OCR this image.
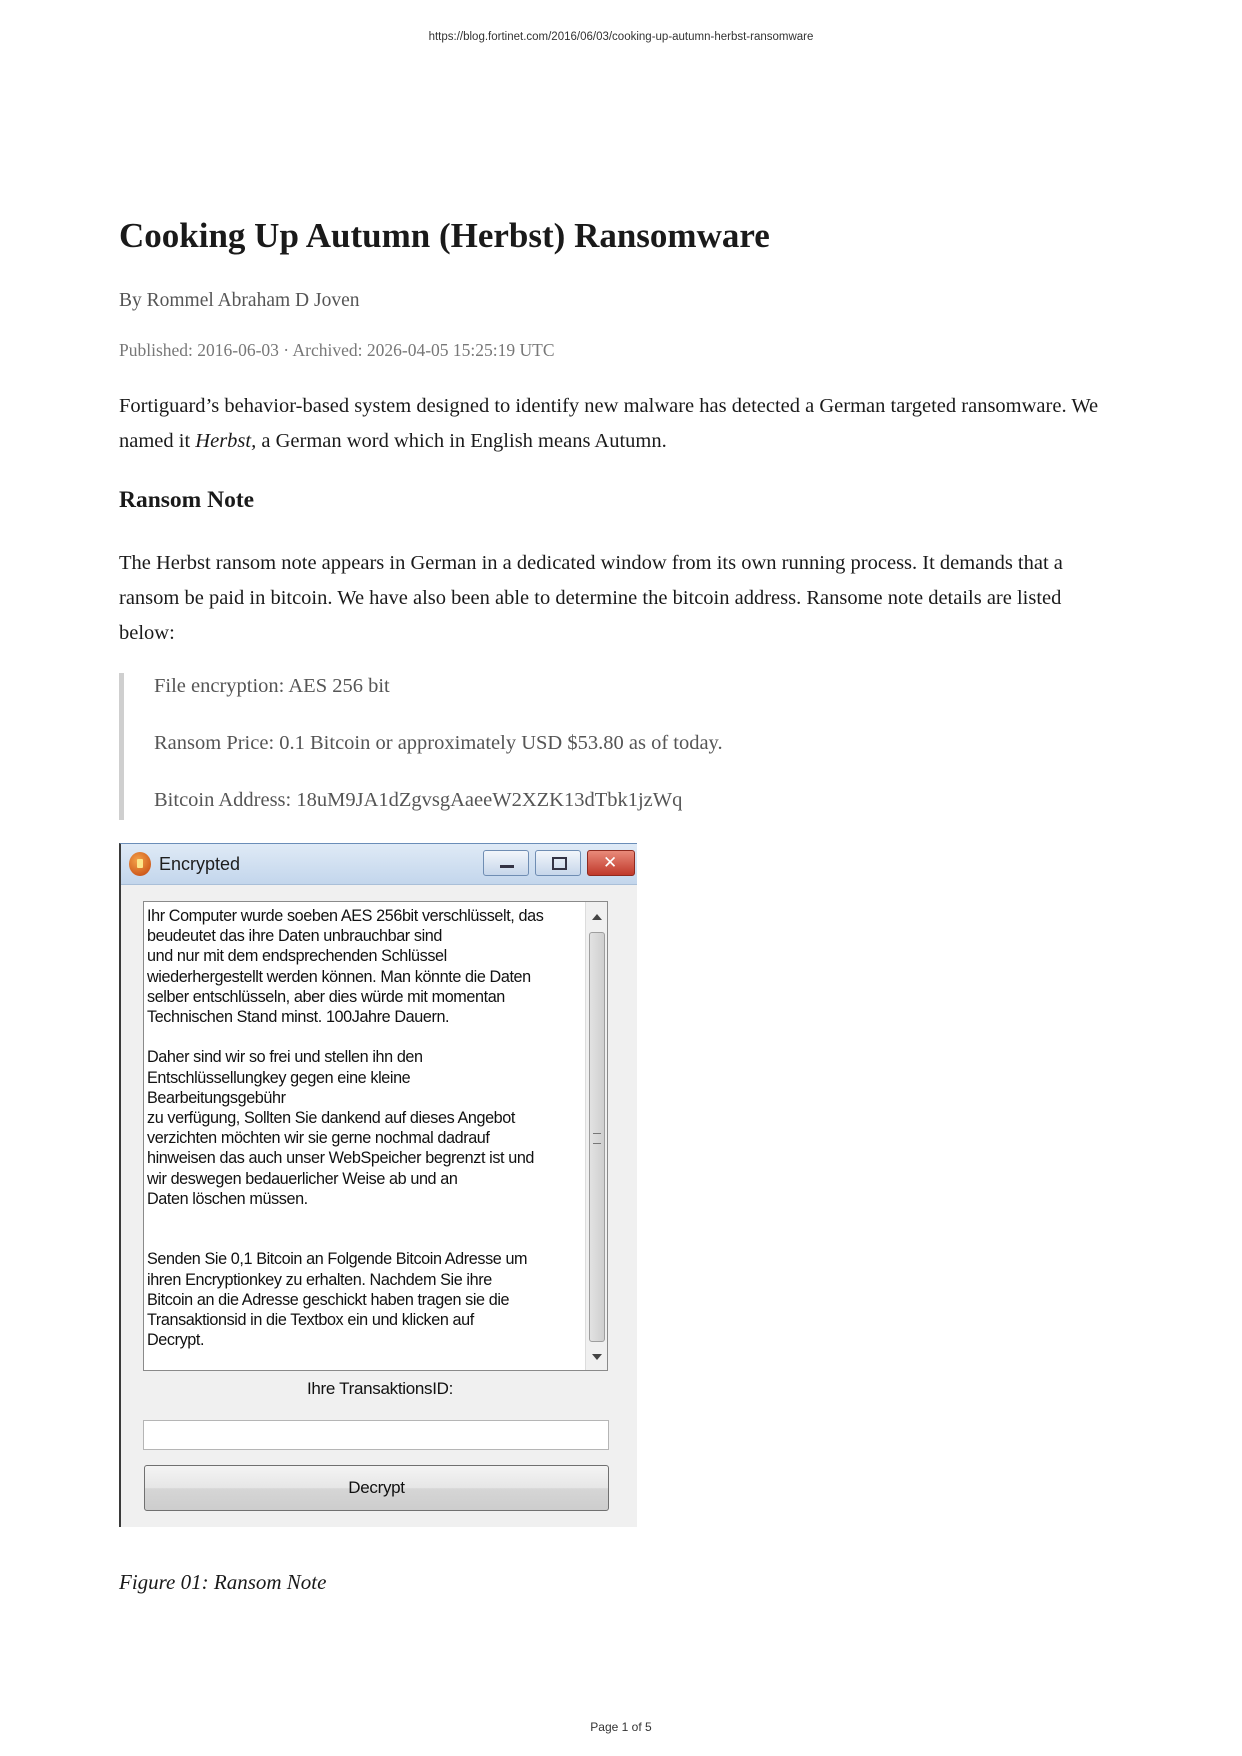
https://blog.fortinet.com/2016/06/03/cooking-up-autumn-herbst-ransomware
Cooking Up Autumn (Herbst) Ransomware
By Rommel Abraham D Joven
Published: 2016-06-03 · Archived: 2026-04-05 15:25:19 UTC

Fortiguard’s behavior-based system designed to identify new malware has detected a German targeted ransomware. We named it Herbst, a German word which in English means Autumn.

Ransom Note

The Herbst ransom note appears in German in a dedicated window from its own running process. It demands that a ransom be paid in bitcoin. We have also been able to determine the bitcoin address. Ransome note details are listed below:

File encryption: AES 256 bit

Ransom Price: 0.1 Bitcoin or approximately USD $53.80 as of today.

Bitcoin Address: 18uM9JA1dZgvsgAaeeW2XZK13dTbk1jzWq

Encrypted
✕
Ihr Computer wurde soeben AES 256bit verschlüsselt, das
beudeutet das ihre Daten unbrauchbar sind
und nur mit dem endsprechenden Schlüssel
wiederhergestellt werden können. Man könnte die Daten
selber entschlüsseln, aber dies würde mit momentan
Technischen Stand minst. 100Jahre Dauern.

Daher sind wir so frei und stellen ihn den
Entschlüssellungkey gegen eine kleine
Bearbeitungsgebühr
zu verfügung, Sollten Sie dankend auf dieses Angebot
verzichten möchten wir sie gerne nochmal dadrauf
hinweisen das auch unser WebSpeicher begrenzt ist und
wir deswegen bedauerlicher Weise ab und an
Daten löschen müssen.

Senden Sie 0,1 Bitcoin an Folgende Bitcoin Adresse um
ihren Encryptionkey zu erhalten. Nachdem Sie ihre
Bitcoin an die Adresse geschickt haben tragen sie die
Transaktionsid in die Textbox ein und klicken auf
Decrypt.
Ihre TransaktionsID:
Decrypt
Figure 01: Ransom Note
Page 1 of 5
